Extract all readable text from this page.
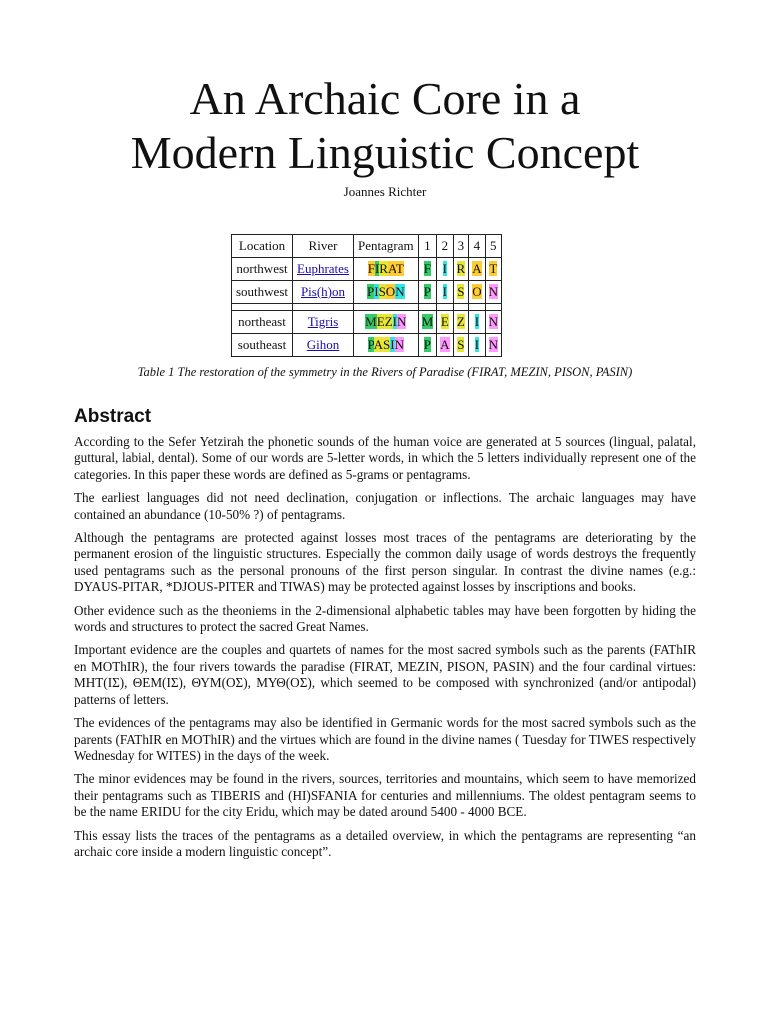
An Archaic Core in a
Modern Linguistic Concept
Joannes Richter
Location	River	Pentagram	1	2	3	4	5
northwest	Euphrates	FIRAT	F	I	R	A	T
southwest	Pis(h)on	PISON	P	I	S	O	N

northeast	Tigris	MEZIN	M	E	Z	I	N
southeast	Gihon	PASIN	P	A	S	I	N
Table 1 The restoration of the symmetry in the Rivers of Paradise (FIRAT, MEZIN, PISON, PASIN)
Abstract

According to the Sefer Yetzirah the phonetic sounds of the human voice are generated at 5 sources (lingual, palatal, guttural, labial, dental). Some of our words are 5-letter words, in which the 5 letters individually represent one of the categories. In this paper these words are defined as 5-grams or pentagrams.

The earliest languages did not need declination, conjugation or inflections. The archaic languages may have contained an abundance (10-50% ?) of pentagrams.

Although the pentagrams are protected against losses most traces of the pentagrams are deteriorating by the permanent erosion of the linguistic structures. Especially the common daily usage of words destroys the frequently used pentagrams such as the personal pronouns of the first person singular. In contrast the divine names (e.g.: DYAUS-PITAR, *DJOUS-PITER and TIWAS) may be protected against losses by inscriptions and books.

Other evidence such as the theoniems in the 2-dimensional alphabetic tables may have been forgotten by hiding the words and structures to protect the sacred Great Names.

Important evidence are the couples and quartets of names for the most sacred symbols such as the parents (FAThIR en MOThIR), the four rivers towards the paradise (FIRAT, MEZIN, PISON, PASIN) and the four cardinal virtues: MHT(ΙΣ), ΘΕΜ(ΙΣ), ΘΥΜ(ΟΣ), ΜΥΘ(ΟΣ), which seemed to be composed with synchronized (and/or antipodal) patterns of letters.

The evidences of the pentagrams may also be identified in Germanic words for the most sacred symbols such as the parents (FAThIR en MOThIR) and the virtues which are found in the divine names ( Tuesday for TIWES respectively Wednesday for WITES) in the days of the week.

The minor evidences may be found in the rivers, sources, territories and mountains, which seem to have memorized their pentagrams such as TIBERIS and (HI)SFANIA for centuries and millenniums. The oldest pentagram seems to be the name ERIDU for the city Eridu, which may be dated around 5400 - 4000 BCE.

This essay lists the traces of the pentagrams as a detailed overview, in which the pentagrams are representing “an archaic core inside a modern linguistic concept”.
